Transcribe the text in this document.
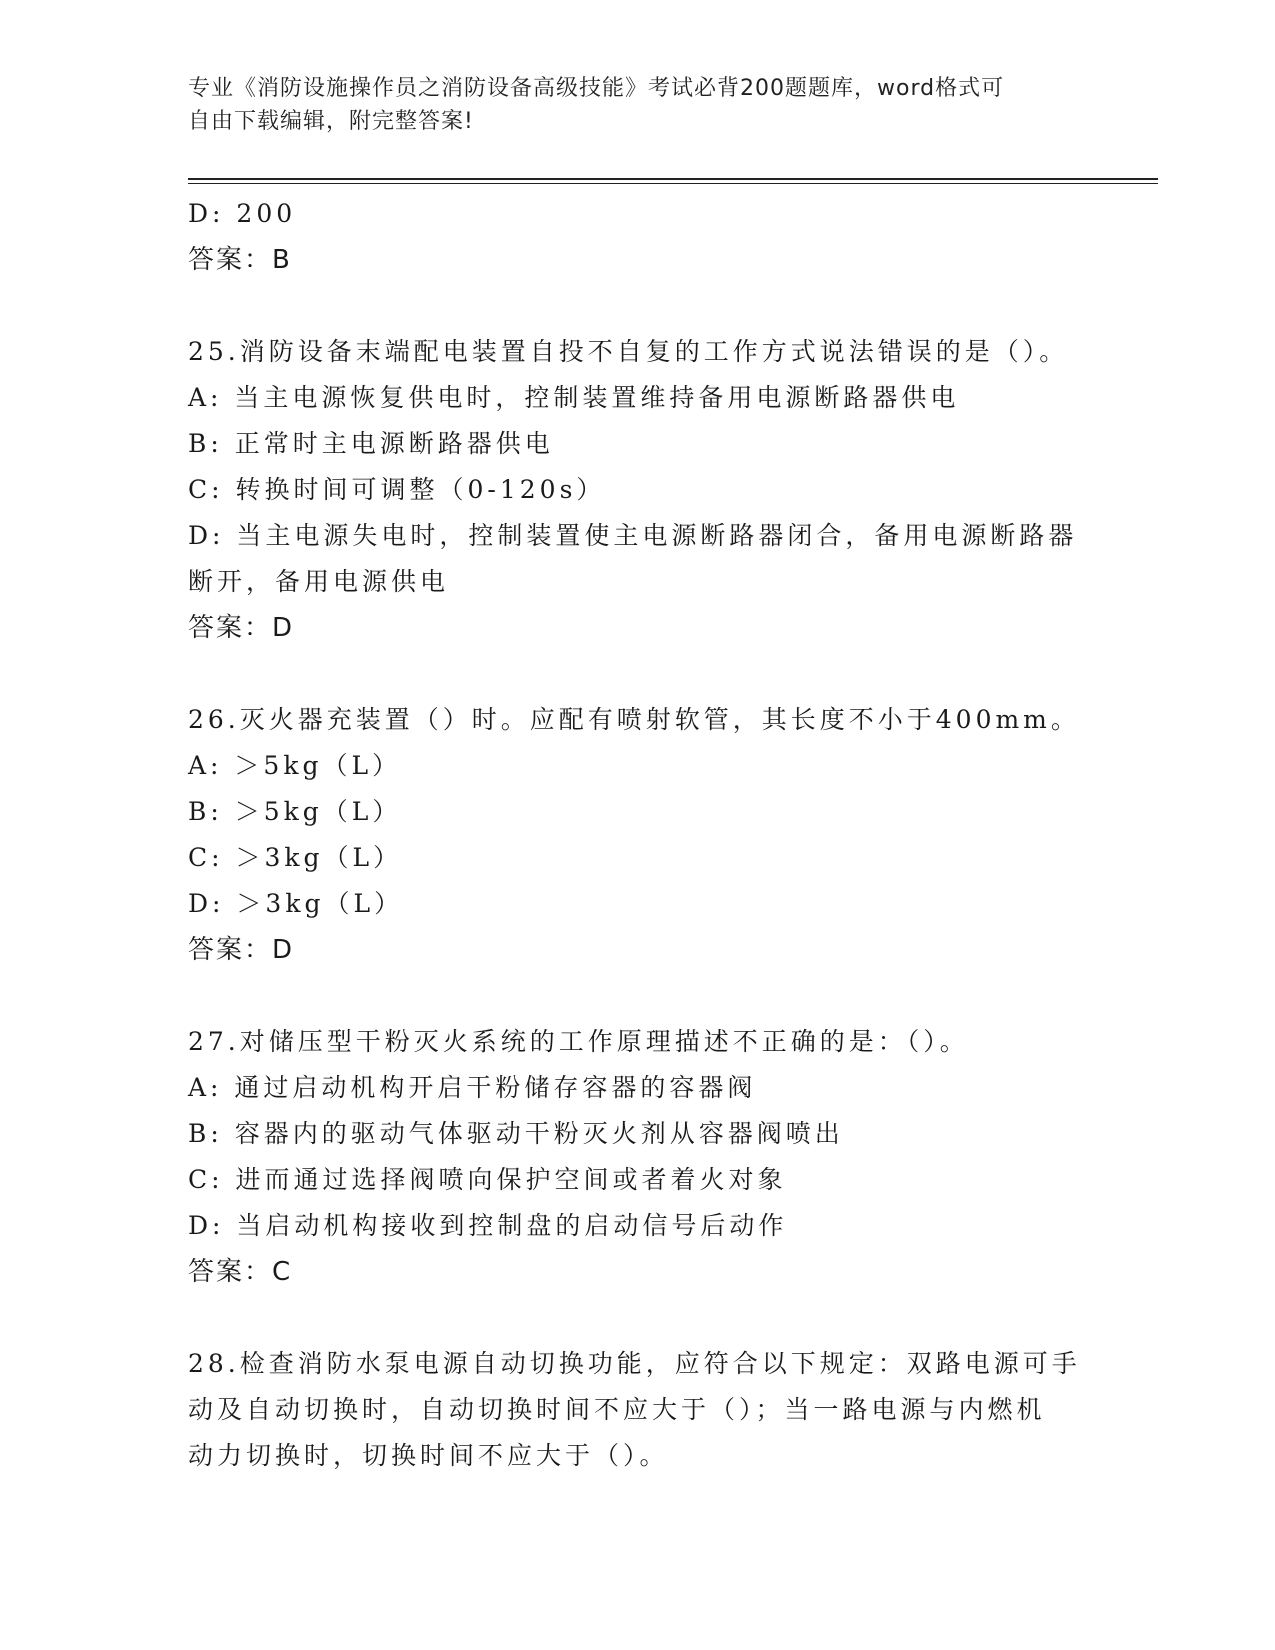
专业《消防设施操作员之消防设备高级技能》考试必背200题题库，word格式可
自由下载编辑，附完整答案!
D: 200
答案：B
25.消防设备末端配电装置自投不自复的工作方式说法错误的是（）。
A: 当主电源恢复供电时，控制装置维持备用电源断路器供电
B: 正常时主电源断路器供电
C: 转换时间可调整（0-120s）
D: 当主电源失电时，控制装置使主电源断路器闭合，备用电源断路器
断开，备用电源供电
答案：D
26.灭火器充装置（）时。应配有喷射软管，其长度不小于400mm。
A: ＞5kg（L）
B: ＞5kg（L）
C: ＞3kg（L）
D: ＞3kg（L）
答案：D
27.对储压型干粉灭火系统的工作原理描述不正确的是：（）。
A: 通过启动机构开启干粉储存容器的容器阀
B: 容器内的驱动气体驱动干粉灭火剂从容器阀喷出
C: 进而通过选择阀喷向保护空间或者着火对象
D: 当启动机构接收到控制盘的启动信号后动作
答案：C
28.检查消防水泵电源自动切换功能，应符合以下规定：双路电源可手
动及自动切换时，自动切换时间不应大于（）；当一路电源与内燃机
动力切换时，切换时间不应大于（）。
